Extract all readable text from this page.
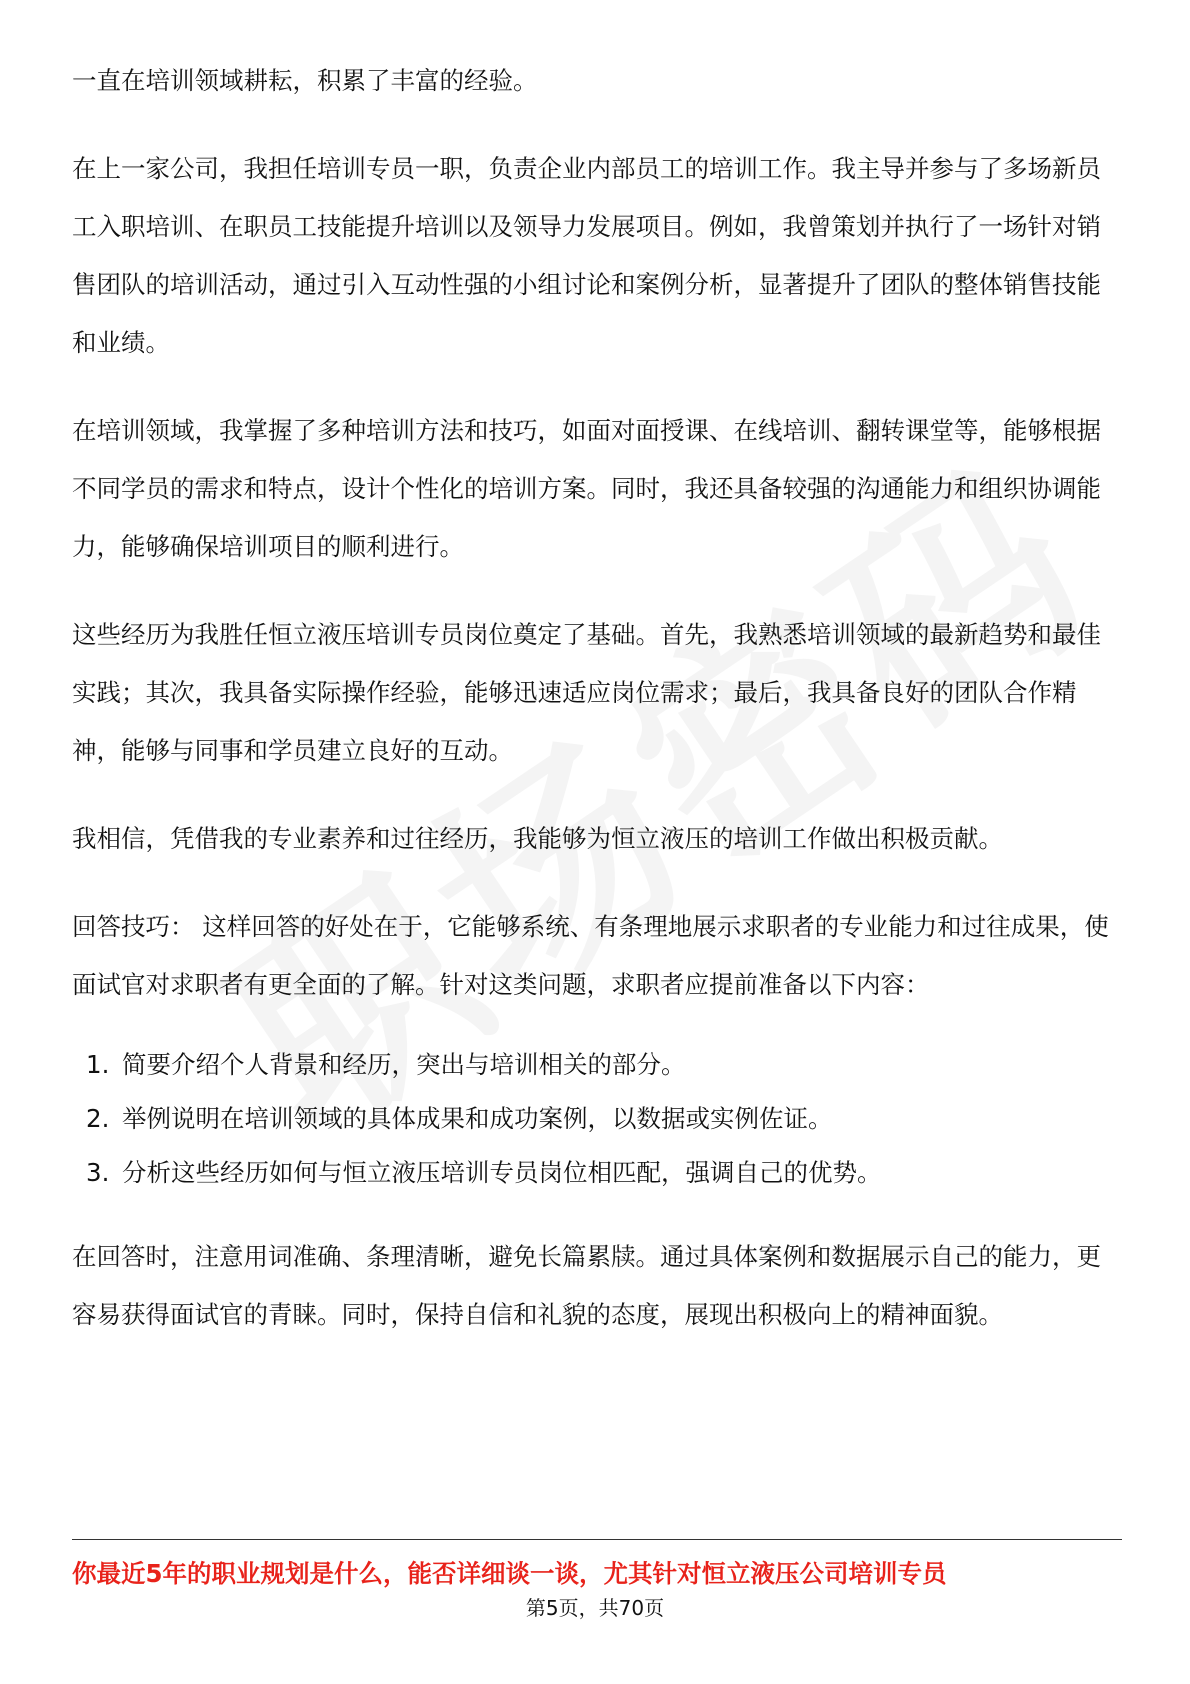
一直在培训领域耕耘，积累了丰富的经验。

在上一家公司，我担任培训专员一职，负责企业内部员工的培训工作。我主导并参与了多场新员工入职培训、在职员工技能提升培训以及领导力发展项目。例如，我曾策划并执行了一场针对销售团队的培训活动，通过引入互动性强的小组讨论和案例分析，显著提升了团队的整体销售技能和业绩。

在培训领域，我掌握了多种培训方法和技巧，如面对面授课、在线培训、翻转课堂等，能够根据不同学员的需求和特点，设计个性化的培训方案。同时，我还具备较强的沟通能力和组织协调能力，能够确保培训项目的顺利进行。

这些经历为我胜任恒立液压培训专员岗位奠定了基础。首先，我熟悉培训领域的最新趋势和最佳实践；其次，我具备实际操作经验，能够迅速适应岗位需求；最后，我具备良好的团队合作精神，能够与同事和学员建立良好的互动。

我相信，凭借我的专业素养和过往经历，我能够为恒立液压的培训工作做出积极贡献。

回答技巧： 这样回答的好处在于，它能够系统、有条理地展示求职者的专业能力和过往成果，使面试官对求职者有更全面的了解。针对这类问题，求职者应提前准备以下内容：

1. 简要介绍个人背景和经历，突出与培训相关的部分。
2. 举例说明在培训领域的具体成果和成功案例，以数据或实例佐证。
3. 分析这些经历如何与恒立液压培训专员岗位相匹配，强调自己的优势。

在回答时，注意用词准确、条理清晰，避免长篇累牍。通过具体案例和数据展示自己的能力，更容易获得面试官的青睐。同时，保持自信和礼貌的态度，展现出积极向上的精神面貌。

你最近5年的职业规划是什么，能否详细谈一谈，尤其针对恒立液压公司培训专员
第5页，共70页
